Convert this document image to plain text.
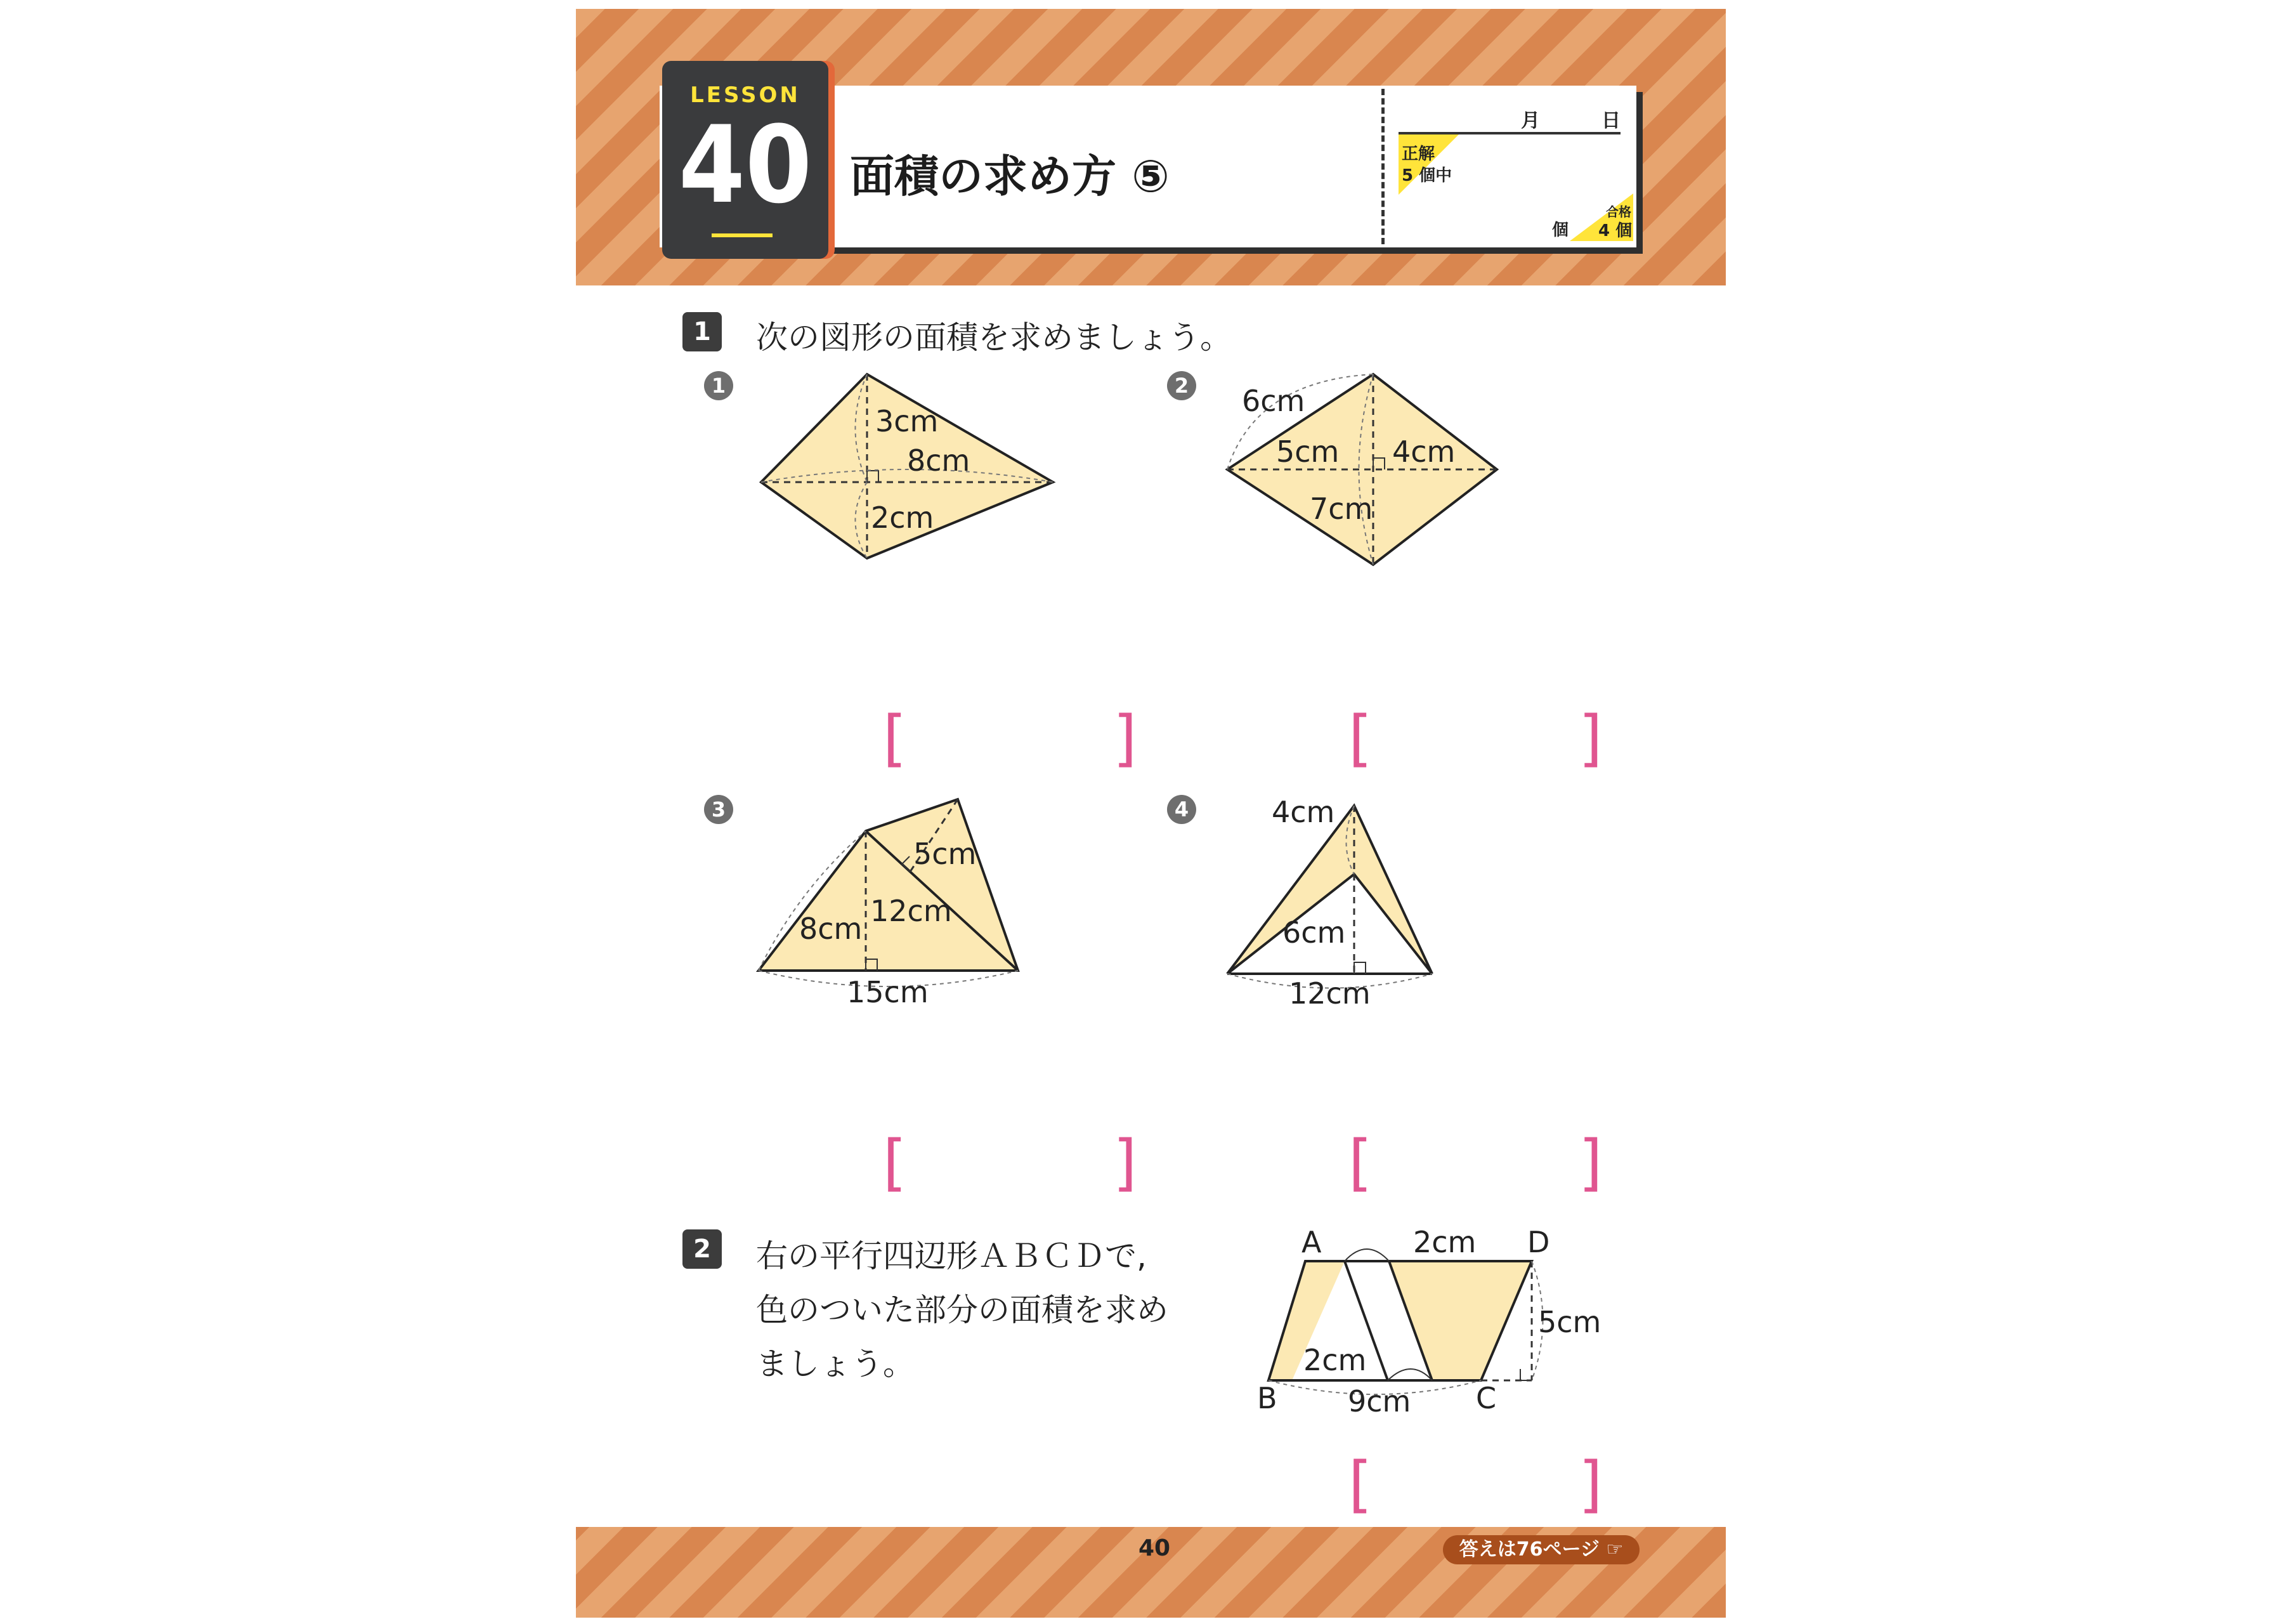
LESSON
40 面積の求め方 ⑤
月	日
正解
5 個中
個
合格
4 個
1	次の図形の面積を求めましょう。
1	2
3	4
3cm
8cm
2cm
6cm
5cm 4cm
7cm
[	]	[	]
5cm
8cm
12cm
15cm
4cm
6cm
12cm
[	]	[	]
2	右の平行四辺形ＡＢＣＤで,
色のついた部分の面積を求め
ましょう。
A	D
B	C
2cm
2cm
9cm
5cm
[	]
40	答えは76ページ ☞
